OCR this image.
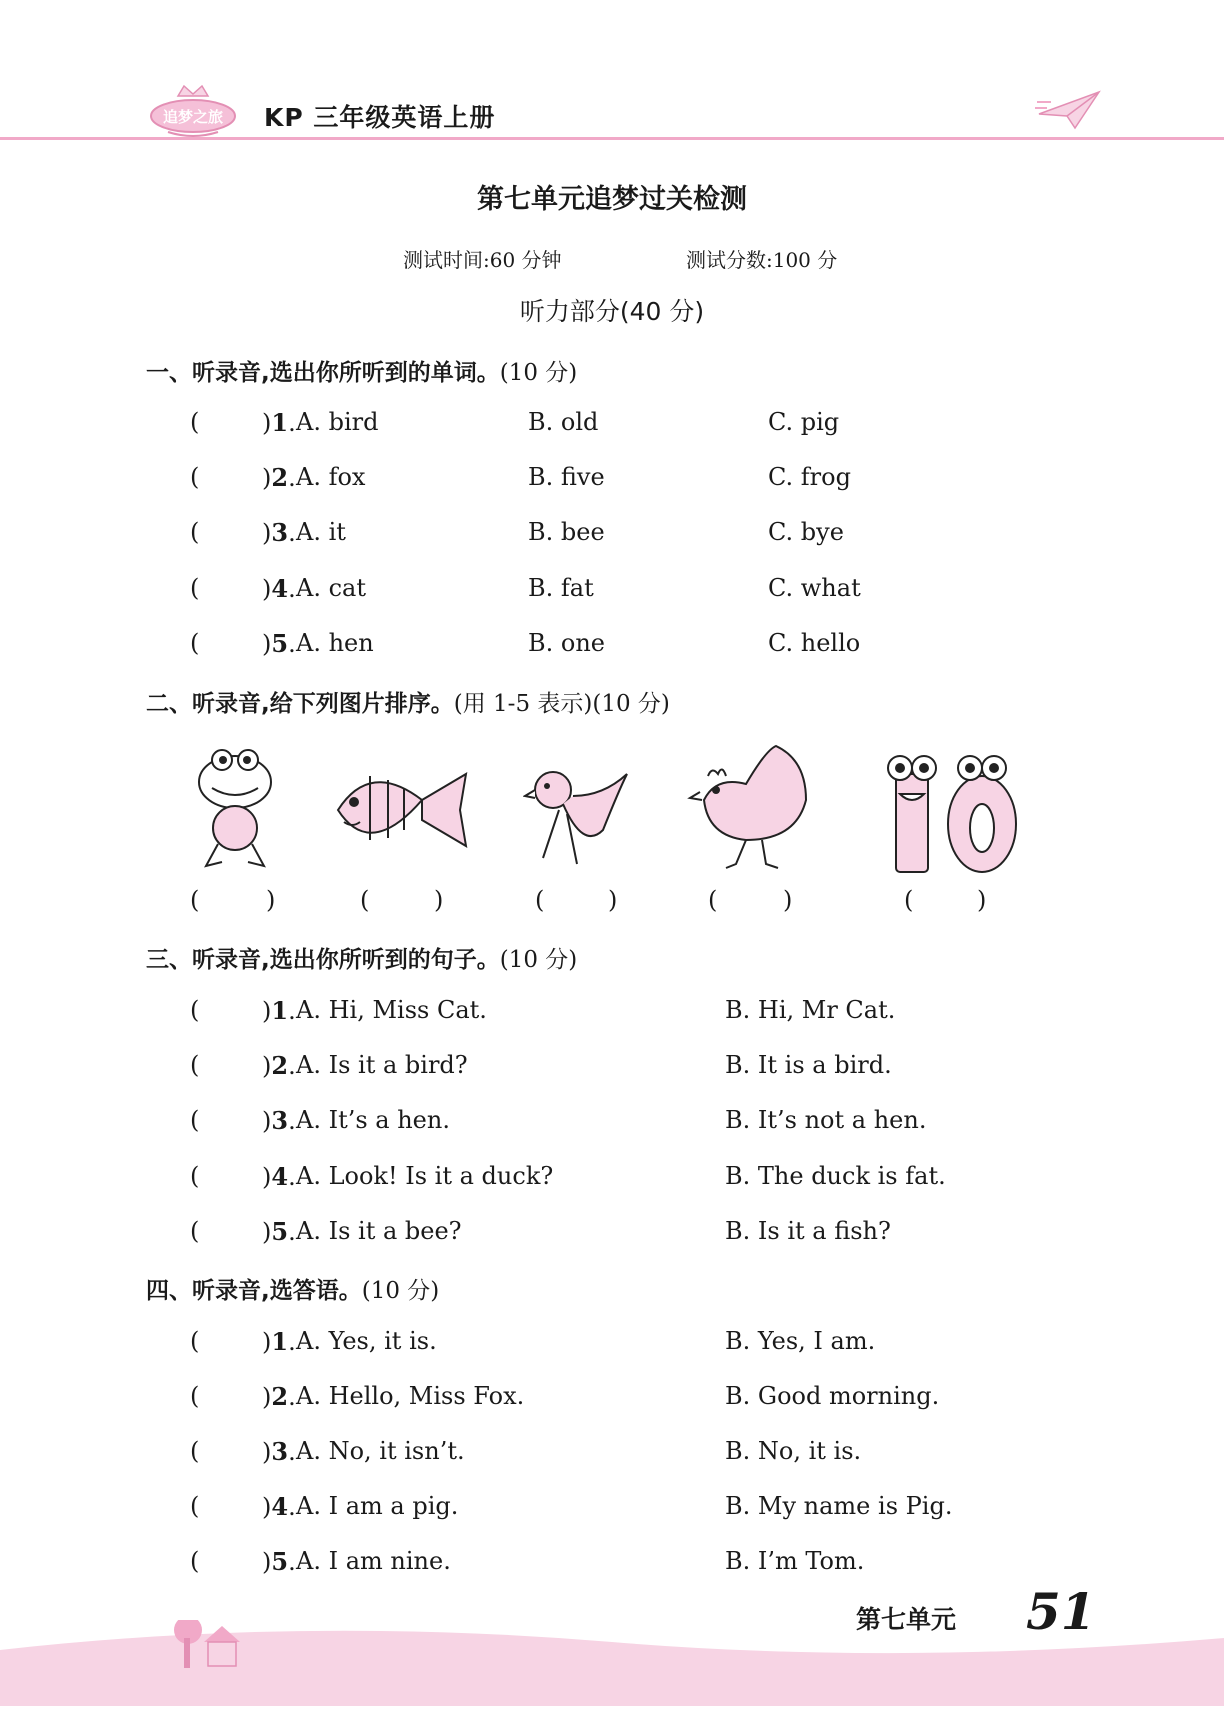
追梦之旅 KP 三年级英语上册
第七单元追梦过关检测
测试时间:60 分钟	测试分数:100 分
听力部分(40 分)
一、听录音,选出你所听到的单词。(10 分)
(	)1. A. bird	B. old	C. pig
(	)2. A. fox	B. five	C. frog
(	)3. A. it	B. bee	C. bye
(	)4. A. cat	B. fat	C. what
(	)5. A. hen	B. one	C. hello
二、听录音,给下列图片排序。(用 1-5 表示)(10 分)
(	)	(	)	(	)	(	)	(	)
三、听录音,选出你所听到的句子。(10 分)
(	)1. A. Hi, Miss Cat.	B. Hi, Mr Cat.
(	)2. A. Is it a bird?	B. It is a bird.
(	)3. A. It’s a hen.	B. It’s not a hen.
(	)4. A. Look! Is it a duck?	B. The duck is fat.
(	)5. A. Is it a bee?	B. Is it a fish?
四、听录音,选答语。(10 分)
(	)1. A. Yes, it is.	B. Yes, I am.
(	)2. A. Hello, Miss Fox.	B. Good morning.
(	)3. A. No, it isn’t.	B. No, it is.
(	)4. A. I am a pig.	B. My name is Pig.
(	)5. A. I am nine.	B. I’m Tom.
第七单元 51
